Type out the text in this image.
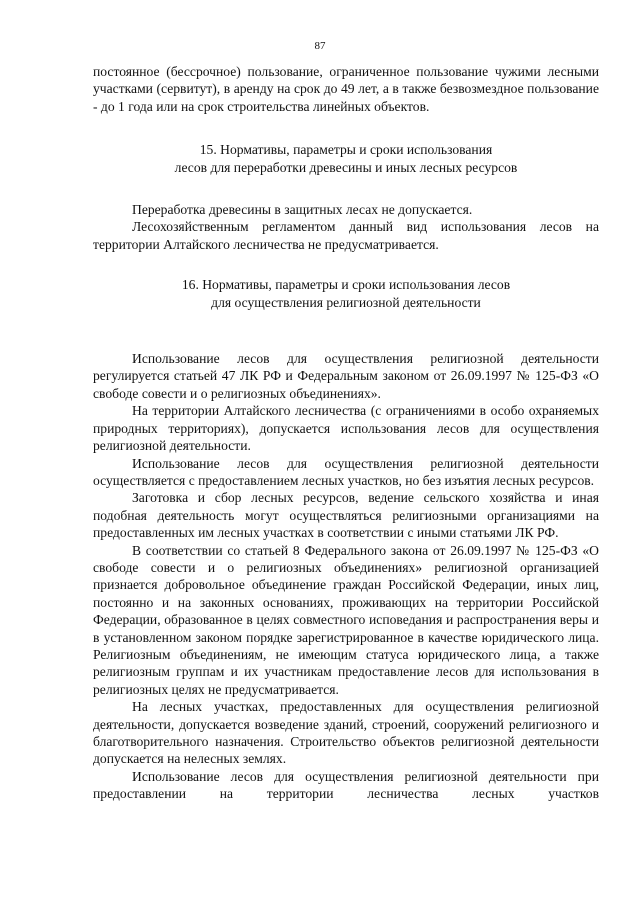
87

постоянное (бессрочное) пользование, ограниченное пользование чужими лесными участками (сервитут), в аренду на срок до 49 лет, а в также безвозмездное пользование - до 1 года или на срок строительства линейных объектов.

15. Нормативы, параметры и сроки использования
лесов для переработки древесины и иных лесных ресурсов

Переработка древесины в защитных лесах не допускается.

Лесохозяйственным регламентом данный вид использования лесов на территории Алтайского лесничества не предусматривается.

16. Нормативы, параметры и сроки использования лесов
для осуществления религиозной деятельности

Использование лесов для осуществления религиозной деятельности регулируется статьей 47 ЛК РФ и Федеральным законом от 26.09.1997 № 125-ФЗ «О свободе совести и о религиозных объединениях».

На территории Алтайского лесничества (с ограничениями в особо охраняемых природных территориях), допускается использования лесов для осуществления религиозной деятельности.

Использование лесов для осуществления религиозной деятельности осуществляется с предоставлением лесных участков, но без изъятия лесных ресурсов.

Заготовка и сбор лесных ресурсов, ведение сельского хозяйства и иная подобная деятельность могут осуществляться религиозными организациями на предоставленных им лесных участках в соответствии с иными статьями ЛК РФ.

В соответствии со статьей 8 Федерального закона от 26.09.1997 № 125-ФЗ «О свободе совести и о религиозных объединениях» религиозной организацией признается добровольное объединение граждан Российской Федерации, иных лиц, постоянно и на законных основаниях, проживающих на территории Российской Федерации, образованное в целях совместного исповедания и распространения веры и в установленном законом порядке зарегистрированное в качестве юридического лица. Религиозным объединениям, не имеющим статуса юридического лица, а также религиозным группам и их участникам предоставление лесов для использования в религиозных целях не предусматривается.

На лесных участках, предоставленных для осуществления религиозной деятельности, допускается возведение зданий, строений, сооружений религиозного и благотворительного назначения. Строительство объектов религиозной деятельности допускается на нелесных землях.

Использование лесов для осуществления религиозной деятельности при предоставлении на территории лесничества лесных участков
